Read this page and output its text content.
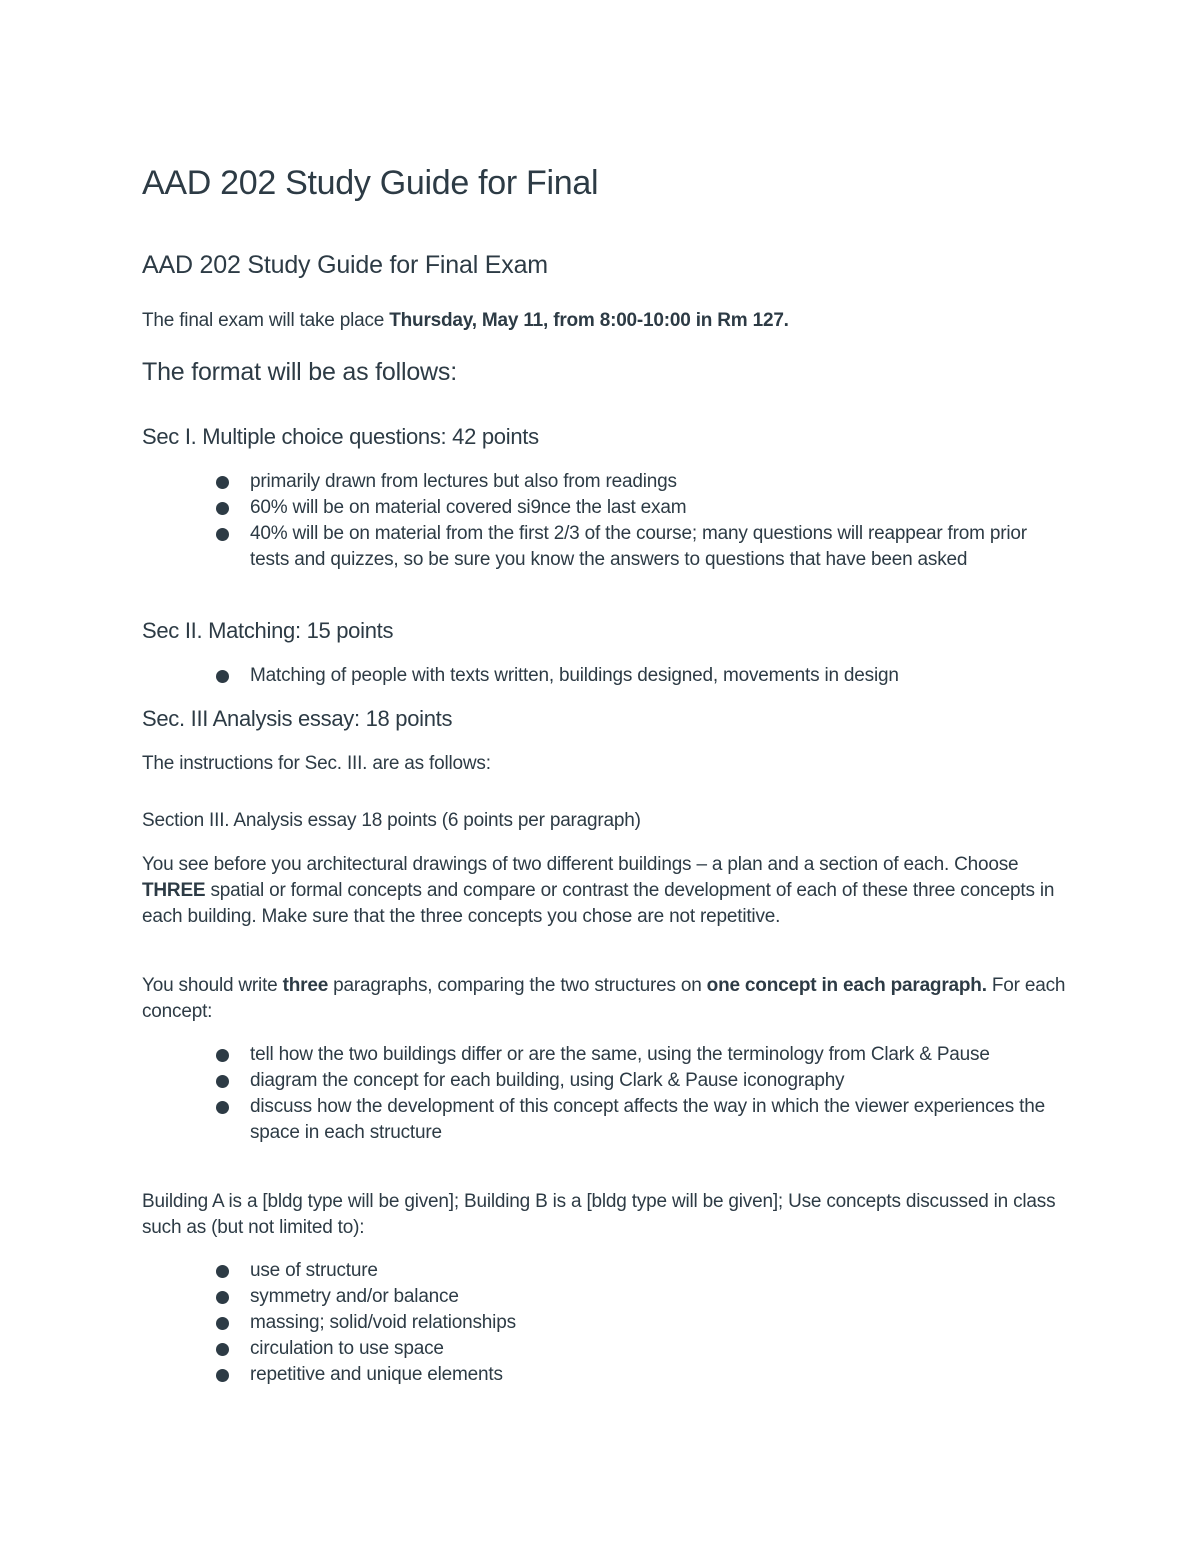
AAD 202 Study Guide for Final
AAD 202 Study Guide for Final Exam

The final exam will take place Thursday, May 11, from 8:00-10:00 in Rm 127.

The format will be as follows:
Sec I. Multiple choice questions: 42 points
primarily drawn from lectures but also from readings
60% will be on material covered si9nce the last exam
40% will be on material from the first 2/3 of the course; many questions will reappear from prior tests and quizzes, so be sure you know the answers to questions that have been asked
Sec II. Matching: 15 points
Matching of people with texts written, buildings designed, movements in design
Sec. III Analysis essay: 18 points

The instructions for Sec. III. are as follows:

Section III. Analysis essay 18 points (6 points per paragraph)

You see before you architectural drawings of two different buildings – a plan and a section of each. Choose THREE spatial or formal concepts and compare or contrast the development of each of these three concepts in each building. Make sure that the three concepts you chose are not repetitive.

You should write three paragraphs, comparing the two structures on one concept in each paragraph. For each concept:

tell how the two buildings differ or are the same, using the terminology from Clark & Pause
diagram the concept for each building, using Clark & Pause iconography
discuss how the development of this concept affects the way in which the viewer experiences the space in each structure

Building A is a [bldg type will be given]; Building B is a [bldg type will be given]; Use concepts discussed in class such as (but not limited to):

use of structure
symmetry and/or balance
massing; solid/void relationships
circulation to use space
repetitive and unique elements
